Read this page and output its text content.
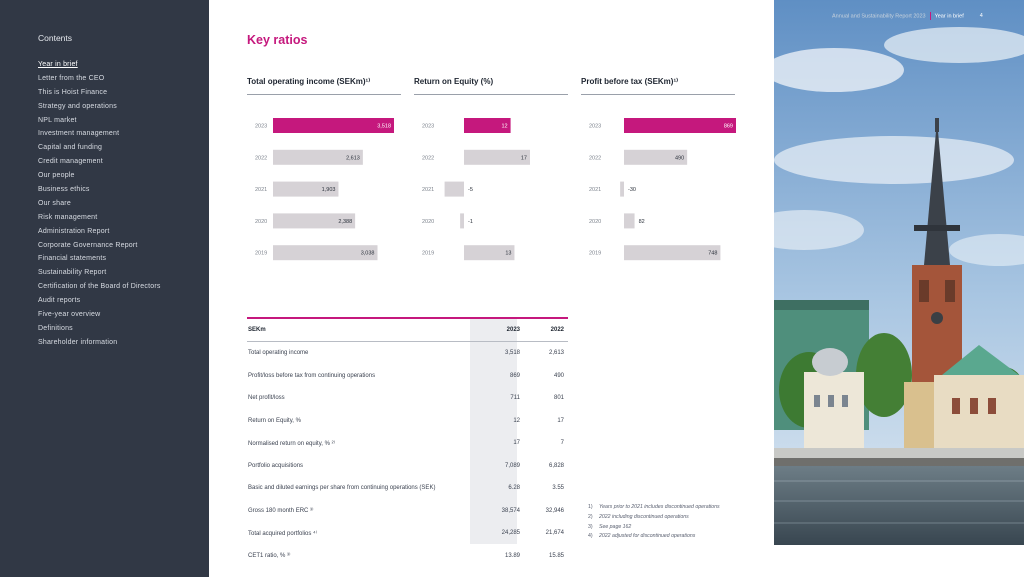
Contents
Year in brief
Letter from the CEO
This is Hoist Finance
Strategy and operations
NPL market
Investment management
Capital and funding
Credit management
Our people
Business ethics
Our share
Risk management
Administration Report
Corporate Governance Report
Financial statements
Sustainability Report
Certification of the Board of Directors
Audit reports
Five-year overview
Definitions
Shareholder information
Key ratios
Total operating income (SEKm)¹⁾
2023	3,518
2022	2,613
2021	1,903
2020	2,388
2019	3,038
Return on Equity (%)
2023	12
2022	17
2021	-5
2020	-1
2019	13
Profit before tax (SEKm)¹⁾
2023	869
2022	490
2021	-30
2020	82
2019	748
SEKm	2023	2022
Total operating income	3,518	2,613
Profit/loss before tax from continuing operations	869	490
Net profit/loss	711	801
Return on Equity, %	12	17
Normalised return on equity, % ²⁾	17	7
Portfolio acquisitions	7,089	6,828
Basic and diluted earnings per share from continuing operations (SEK)	6.28	3.55
Gross 180 month ERC ³⁾	38,574	32,946
Total acquired portfolios ⁴⁾	24,285	21,674
CET1 ratio, % ³⁾	13.89	15.85
1) Years prior to 2021 includes discontinued operations
2) 2022 including discontinued operations
3) See page 162
4) 2022 adjusted for discontinued operations
Annual and Sustainability Report 2023 Year in brief	4
